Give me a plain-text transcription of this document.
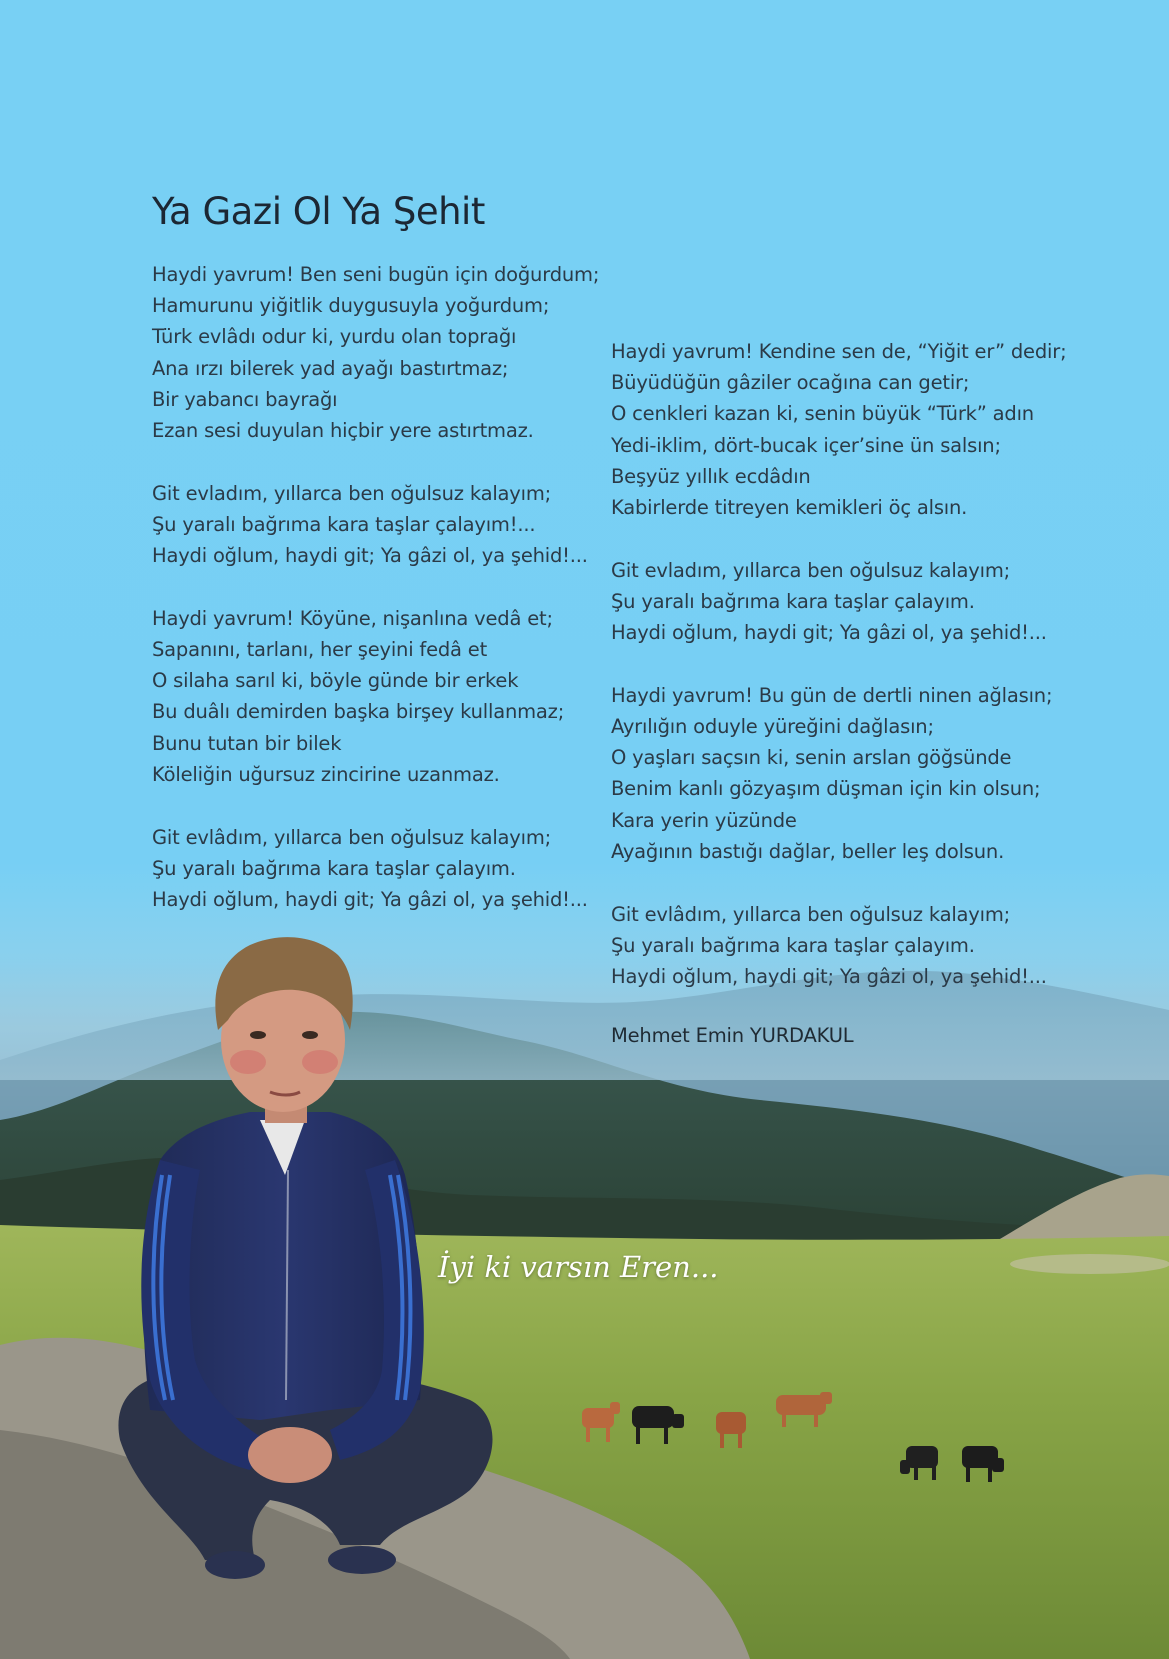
Ya Gazi Ol Ya Şehit

Haydi yavrum! Ben seni bugün için doğurdum;
Hamurunu yiğitlik duygusuyla yoğurdum;
Türk evlâdı odur ki, yurdu olan toprağı
Ana ırzı bilerek yad ayağı bastırtmaz;
Bir yabancı bayrağı
Ezan sesi duyulan hiçbir yere astırtmaz.

Git evladım, yıllarca ben oğulsuz kalayım;
Şu yaralı bağrıma kara taşlar çalayım!...
Haydi oğlum, haydi git; Ya gâzi ol, ya şehid!...

Haydi yavrum! Köyüne, nişanlına vedâ et;
Sapanını, tarlanı, her şeyini fedâ et
O silaha sarıl ki, böyle günde bir erkek
Bu duâlı demirden başka birşey kullanmaz;
Bunu tutan bir bilek
Köleliğin uğursuz zincirine uzanmaz.

Git evlâdım, yıllarca ben oğulsuz kalayım;
Şu yaralı bağrıma kara taşlar çalayım.
Haydi oğlum, haydi git; Ya gâzi ol, ya şehid!...

Haydi yavrum! Kendine sen de, “Yiğit er” dedir;
Büyüdüğün gâziler ocağına can getir;
O cenkleri kazan ki, senin büyük “Türk” adın
Yedi-iklim, dört-bucak içer’sine ün salsın;
Beşyüz yıllık ecdâdın
Kabirlerde titreyen kemikleri öç alsın.

Git evladım, yıllarca ben oğulsuz kalayım;
Şu yaralı bağrıma kara taşlar çalayım.
Haydi oğlum, haydi git; Ya gâzi ol, ya şehid!...

Haydi yavrum! Bu gün de dertli ninen ağlasın;
Ayrılığın oduyle yüreğini dağlasın;
O yaşları saçsın ki, senin arslan göğsünde
Benim kanlı gözyaşım düşman için kin olsun;
Kara yerin yüzünde
Ayağının bastığı dağlar, beller leş dolsun.

Git evlâdım, yıllarca ben oğulsuz kalayım;
Şu yaralı bağrıma kara taşlar çalayım.
Haydi oğlum, haydi git; Ya gâzi ol, ya şehid!...

Mehmet Emin YURDAKUL
İyi ki varsın Eren...
